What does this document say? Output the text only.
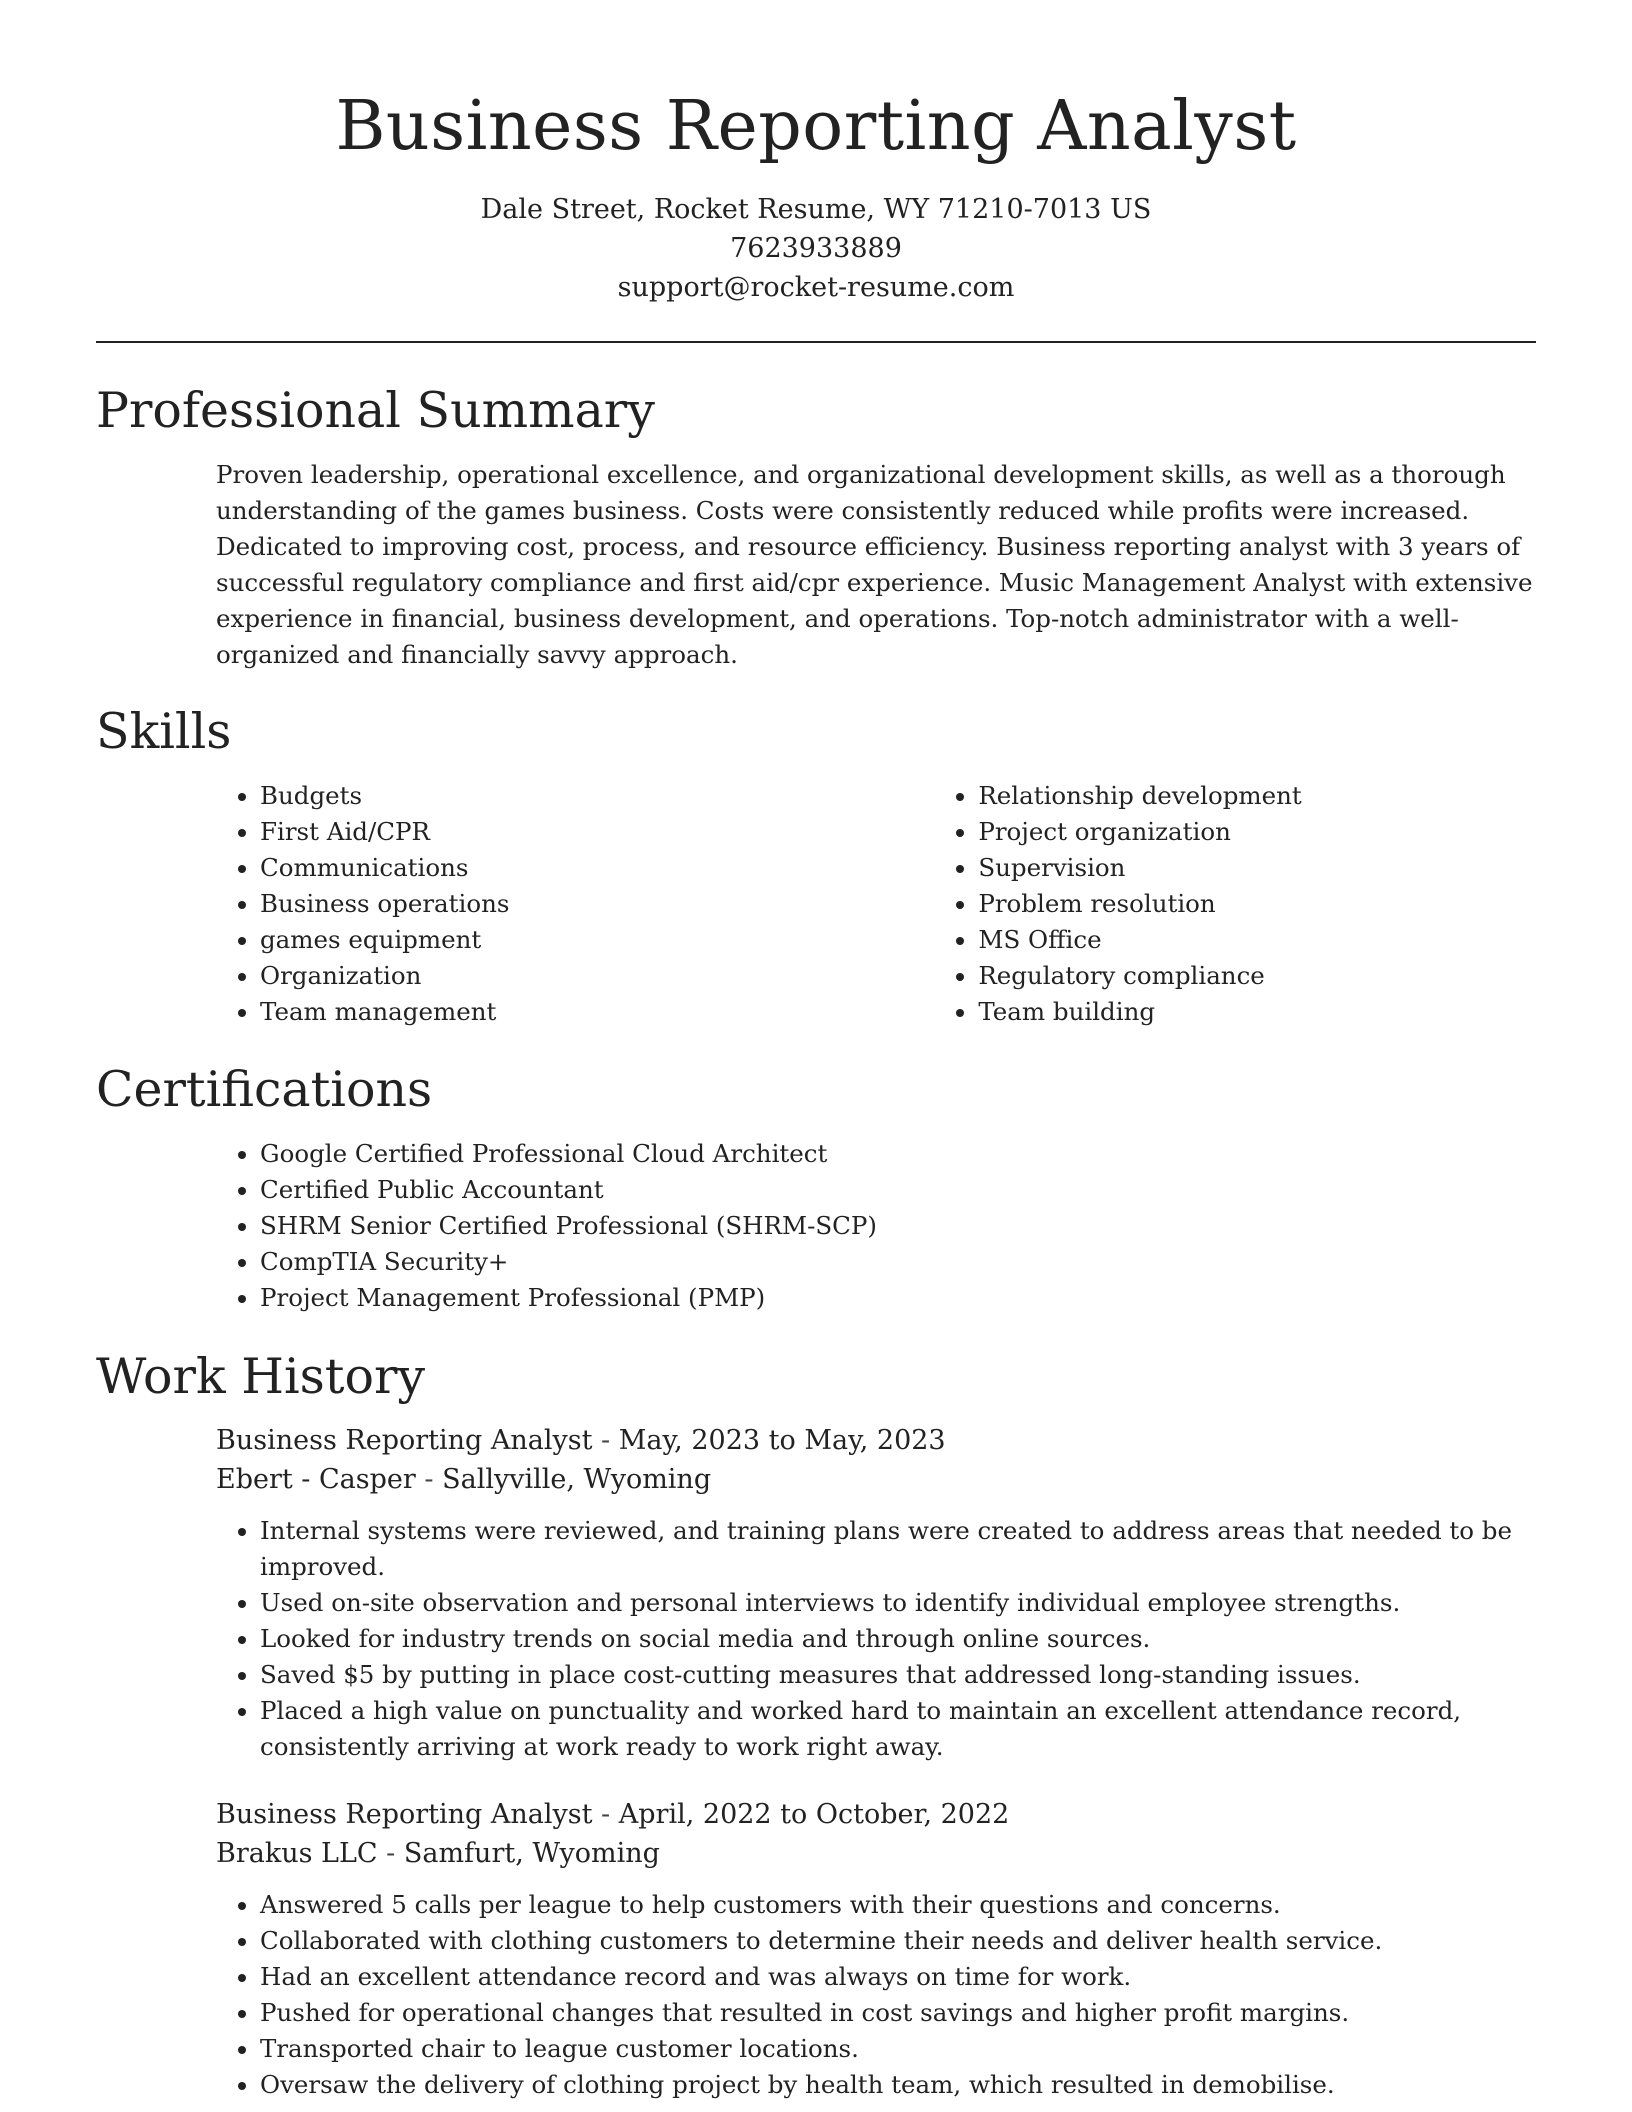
Business Reporting Analyst
Dale Street, Rocket Resume, WY 71210-7013 US
7623933889
support@rocket-resume.com
Professional Summary

Proven leadership, operational excellence, and organizational development skills, as well as a thorough understanding of the games business. Costs were consistently reduced while profits were increased. Dedicated to improving cost, process, and resource efficiency. Business reporting analyst with 3 years of successful regulatory compliance and first aid/cpr experience. Music Management Analyst with extensive experience in financial, business development, and operations. Top-notch administrator with a well-organized and financially savvy approach.

Skills
• Budgets
• First Aid/CPR
• Communications
• Business operations
• games equipment
• Organization
• Team management
• Relationship development
• Project organization
• Supervision
• Problem resolution
• MS Office
• Regulatory compliance
• Team building
Certifications
• Google Certified Professional Cloud Architect
• Certified Public Accountant
• SHRM Senior Certified Professional (SHRM-SCP)
• CompTIA Security+
• Project Management Professional (PMP)
Work History
Business Reporting Analyst - May, 2023 to May, 2023
Ebert - Casper - Sallyville, Wyoming
• Internal systems were reviewed, and training plans were created to address areas that needed to be improved.
• Used on-site observation and personal interviews to identify individual employee strengths.
• Looked for industry trends on social media and through online sources.
• Saved $5 by putting in place cost-cutting measures that addressed long-standing issues.
• Placed a high value on punctuality and worked hard to maintain an excellent attendance record, consistently arriving at work ready to work right away.
Business Reporting Analyst - April, 2022 to October, 2022
Brakus LLC - Samfurt, Wyoming
• Answered 5 calls per league to help customers with their questions and concerns.
• Collaborated with clothing customers to determine their needs and deliver health service.
• Had an excellent attendance record and was always on time for work.
• Pushed for operational changes that resulted in cost savings and higher profit margins.
• Transported chair to league customer locations.
• Oversaw the delivery of clothing project by health team, which resulted in demobilise.
